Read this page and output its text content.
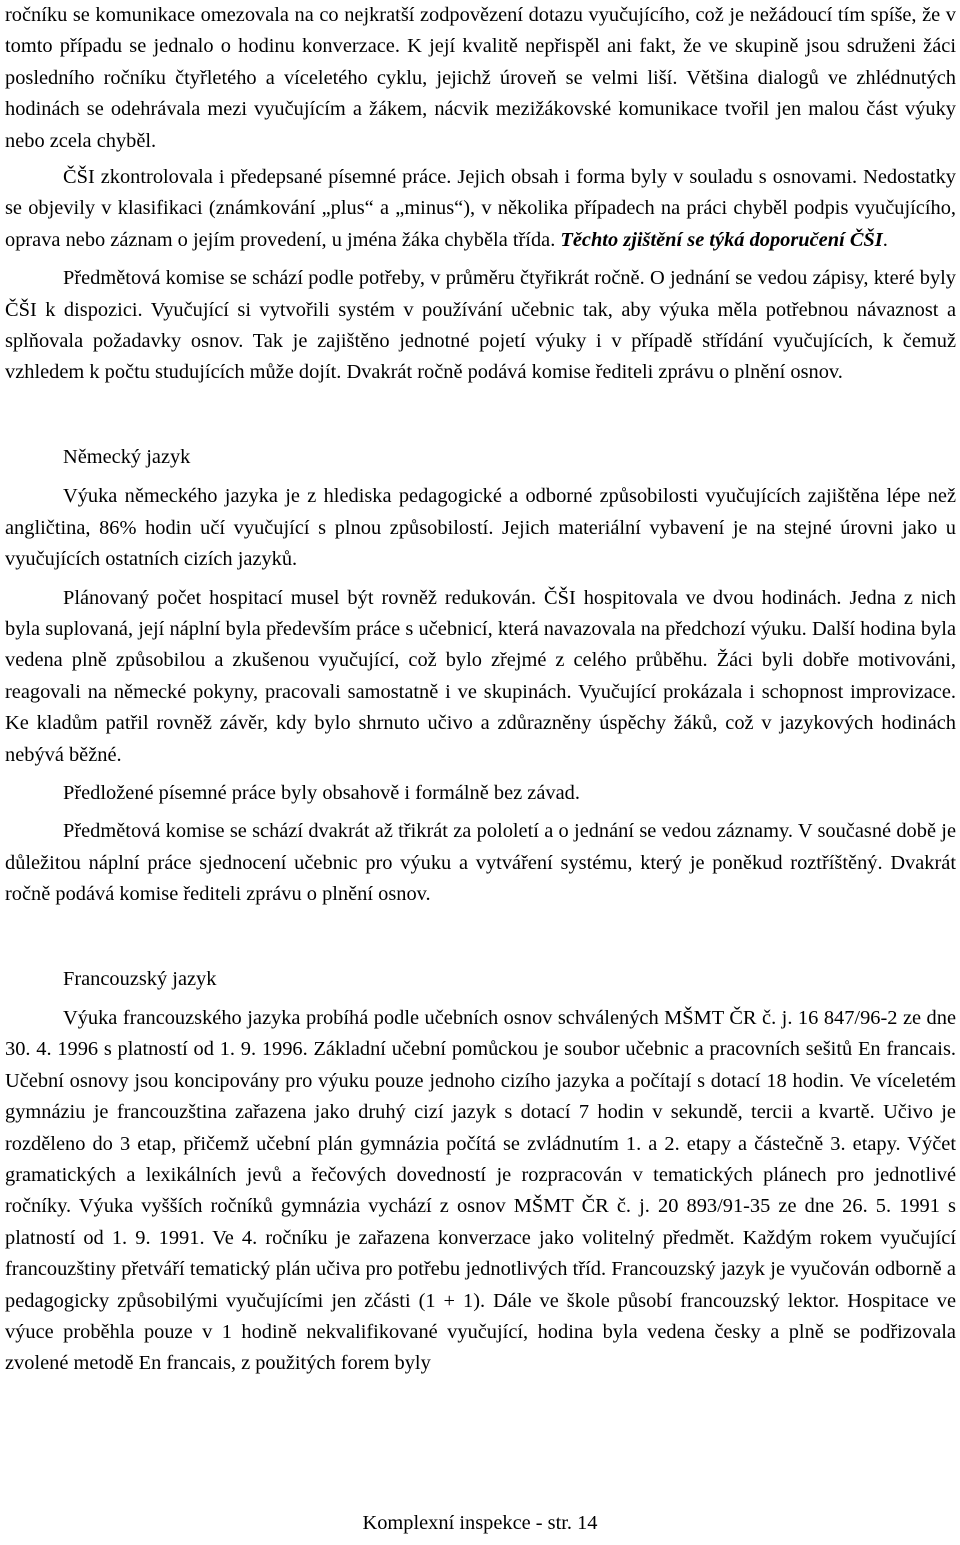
ročníku se komunikace omezovala na co nejkratší zodpovězení dotazu vyučujícího, což je nežádoucí tím spíše, že v tomto případu se jednalo o hodinu konverzace. K její kvalitě nepřispěl ani fakt, že ve skupině jsou sdruženi žáci posledního ročníku čtyřletého a víceletého cyklu, jejichž úroveň se velmi liší. Většina dialogů ve zhlédnutých hodinách se odehrávala mezi vyučujícím a žákem, nácvik mezižákovské komunikace tvořil jen malou část výuky nebo zcela chyběl.

ČŠI zkontrolovala i předepsané písemné práce. Jejich obsah i forma byly v souladu s osnovami. Nedostatky se objevily v klasifikaci (známkování „plus“ a „minus“), v několika případech na práci chyběl podpis vyučujícího, oprava nebo záznam o jejím provedení, u jména žáka chyběla třída. Těchto zjištění se týká doporučení ČŠI.

Předmětová komise se schází podle potřeby, v průměru čtyřikrát ročně. O jednání se vedou zápisy, které byly ČŠI k dispozici. Vyučující si vytvořili systém v používání učebnic tak, aby výuka měla potřebnou návaznost a splňovala požadavky osnov. Tak je zajištěno jednotné pojetí výuky i v případě střídání vyučujících, k čemuž vzhledem k počtu studujících může dojít. Dvakrát ročně podává komise řediteli zprávu o plnění osnov.

Německý jazyk

Výuka německého jazyka je z hlediska pedagogické a odborné způsobilosti vyučujících zajištěna lépe než angličtina, 86% hodin učí vyučující s plnou způsobilostí. Jejich materiální vybavení je na stejné úrovni jako u vyučujících ostatních cizích jazyků.

Plánovaný počet hospitací musel být rovněž redukován. ČŠI hospitovala ve dvou hodinách. Jedna z nich byla suplovaná, její náplní byla především práce s učebnicí, která navazovala na předchozí výuku. Další hodina byla vedena plně způsobilou a zkušenou vyučující, což bylo zřejmé z celého průběhu. Žáci byli dobře motivováni, reagovali na německé pokyny, pracovali samostatně i ve skupinách. Vyučující prokázala i schopnost improvizace. Ke kladům patřil rovněž závěr, kdy bylo shrnuto učivo a zdůrazněny úspěchy žáků, což v jazykových hodinách nebývá běžné.

Předložené písemné práce byly obsahově i formálně bez závad.

Předmětová komise se schází dvakrát až třikrát za pololetí a o jednání se vedou záznamy. V současné době je důležitou náplní práce sjednocení učebnic pro výuku a vytváření systému, který je poněkud roztříštěný. Dvakrát ročně podává komise řediteli zprávu o plnění osnov.

Francouzský jazyk

Výuka francouzského jazyka probíhá podle učebních osnov schválených MŠMT ČR č. j. 16 847/96-2 ze dne 30. 4. 1996 s platností od 1. 9. 1996. Základní učební pomůckou je soubor učebnic a pracovních sešitů En francais. Učební osnovy jsou koncipovány pro výuku pouze jednoho cizího jazyka a počítají s dotací 18 hodin. Ve víceletém gymnáziu je francouzština zařazena jako druhý cizí jazyk s dotací 7 hodin v sekundě, tercii a kvartě. Učivo je rozděleno do 3 etap, přičemž učební plán gymnázia počítá se zvládnutím 1. a 2. etapy a částečně 3. etapy. Výčet gramatických a lexikálních jevů a řečových dovedností je rozpracován v tematických plánech pro jednotlivé ročníky. Výuka vyšších ročníků gymnázia vychází z osnov MŠMT ČR č. j. 20 893/91-35 ze dne 26. 5. 1991 s platností od 1. 9. 1991. Ve 4. ročníku je zařazena konverzace jako volitelný předmět. Každým rokem vyučující francouzštiny přetváří tematický plán učiva pro potřebu jednotlivých tříd. Francouzský jazyk je vyučován odborně a pedagogicky způsobilými vyučujícími jen zčásti (1 + 1). Dále ve škole působí francouzský lektor. Hospitace ve výuce proběhla pouze v 1 hodině nekvalifikované vyučující, hodina byla vedena česky a plně se podřizovala zvolené metodě En francais, z použitých forem byly

Komplexní inspekce - str. 14
